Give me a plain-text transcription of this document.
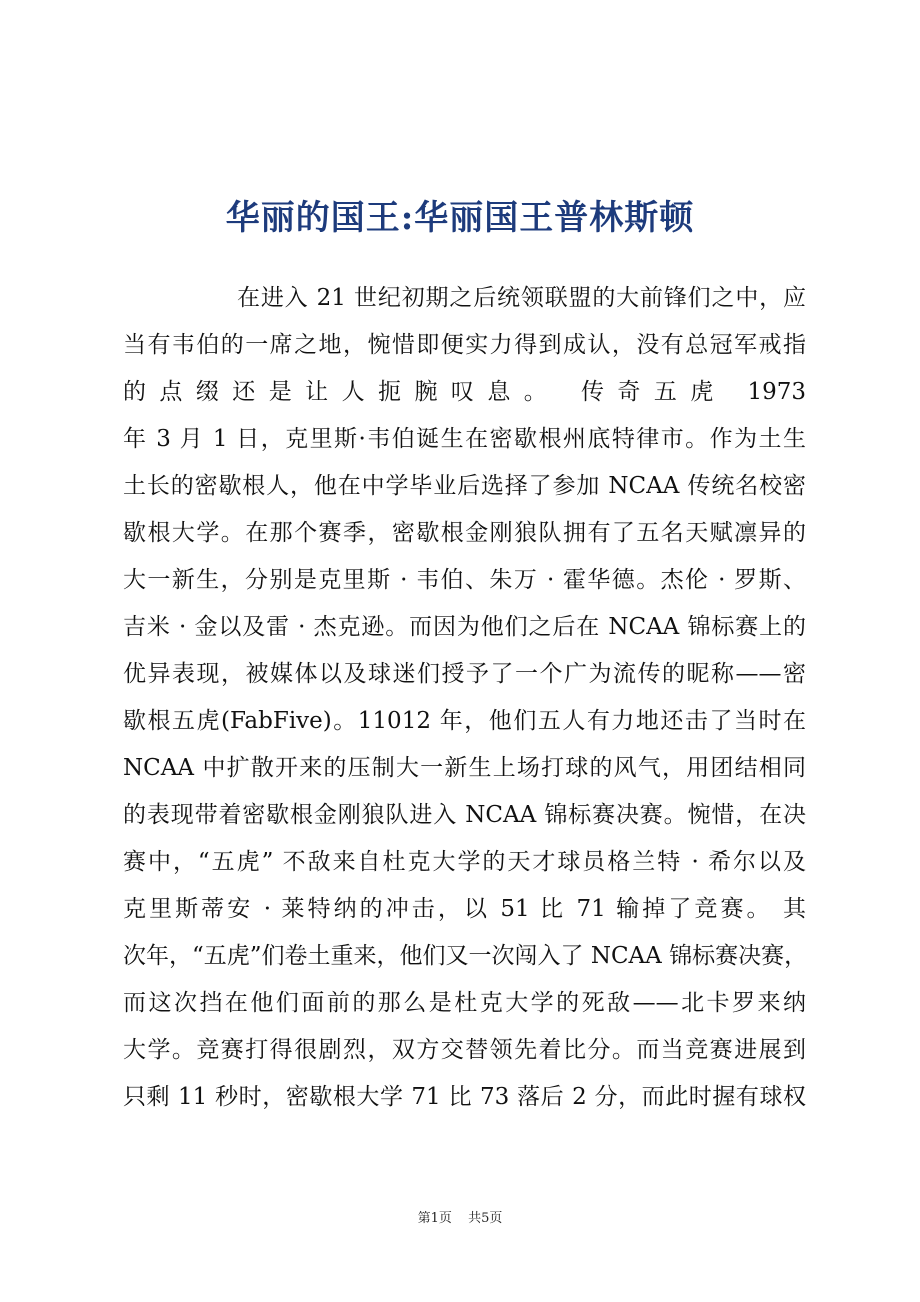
华丽的国王:华丽国王普林斯顿
在进入 21 世纪初期之后统领联盟的大前锋们之中，应
当有韦伯的一席之地，惋惜即便实力得到成认，没有总冠军戒指
的点缀还是让人扼腕叹息。 传奇五虎 1973
年 3 月 1 日，克里斯·韦伯诞生在密歇根州底特律市。作为土生
土长的密歇根人，他在中学毕业后选择了参加 NCAA 传统名校密
歇根大学。在那个赛季，密歇根金刚狼队拥有了五名天赋凛异的
大一新生，分别是克里斯 · 韦伯、朱万 · 霍华德。杰伦 · 罗斯、
吉米 · 金以及雷 · 杰克逊。而因为他们之后在 NCAA 锦标赛上的
优异表现，被媒体以及球迷们授予了一个广为流传的昵称——密
歇根五虎(FabFive)。11012 年，他们五人有力地还击了当时在
NCAA 中扩散开来的压制大一新生上场打球的风气，用团结相同
的表现带着密歇根金刚狼队进入 NCAA 锦标赛决赛。惋惜，在决
赛中，“五虎” 不敌来自杜克大学的天才球员格兰特 · 希尔以及
克里斯蒂安 · 莱特纳的冲击，以 51 比 71 输掉了竞赛。 其
次年，“五虎”们卷土重来，他们又一次闯入了 NCAA 锦标赛决赛，
而这次挡在他们面前的那么是杜克大学的死敌——北卡罗来纳
大学。竞赛打得很剧烈，双方交替领先着比分。而当竞赛进展到
只剩 11 秒时，密歇根大学 71 比 73 落后 2 分，而此时握有球权
第1页 共5页
